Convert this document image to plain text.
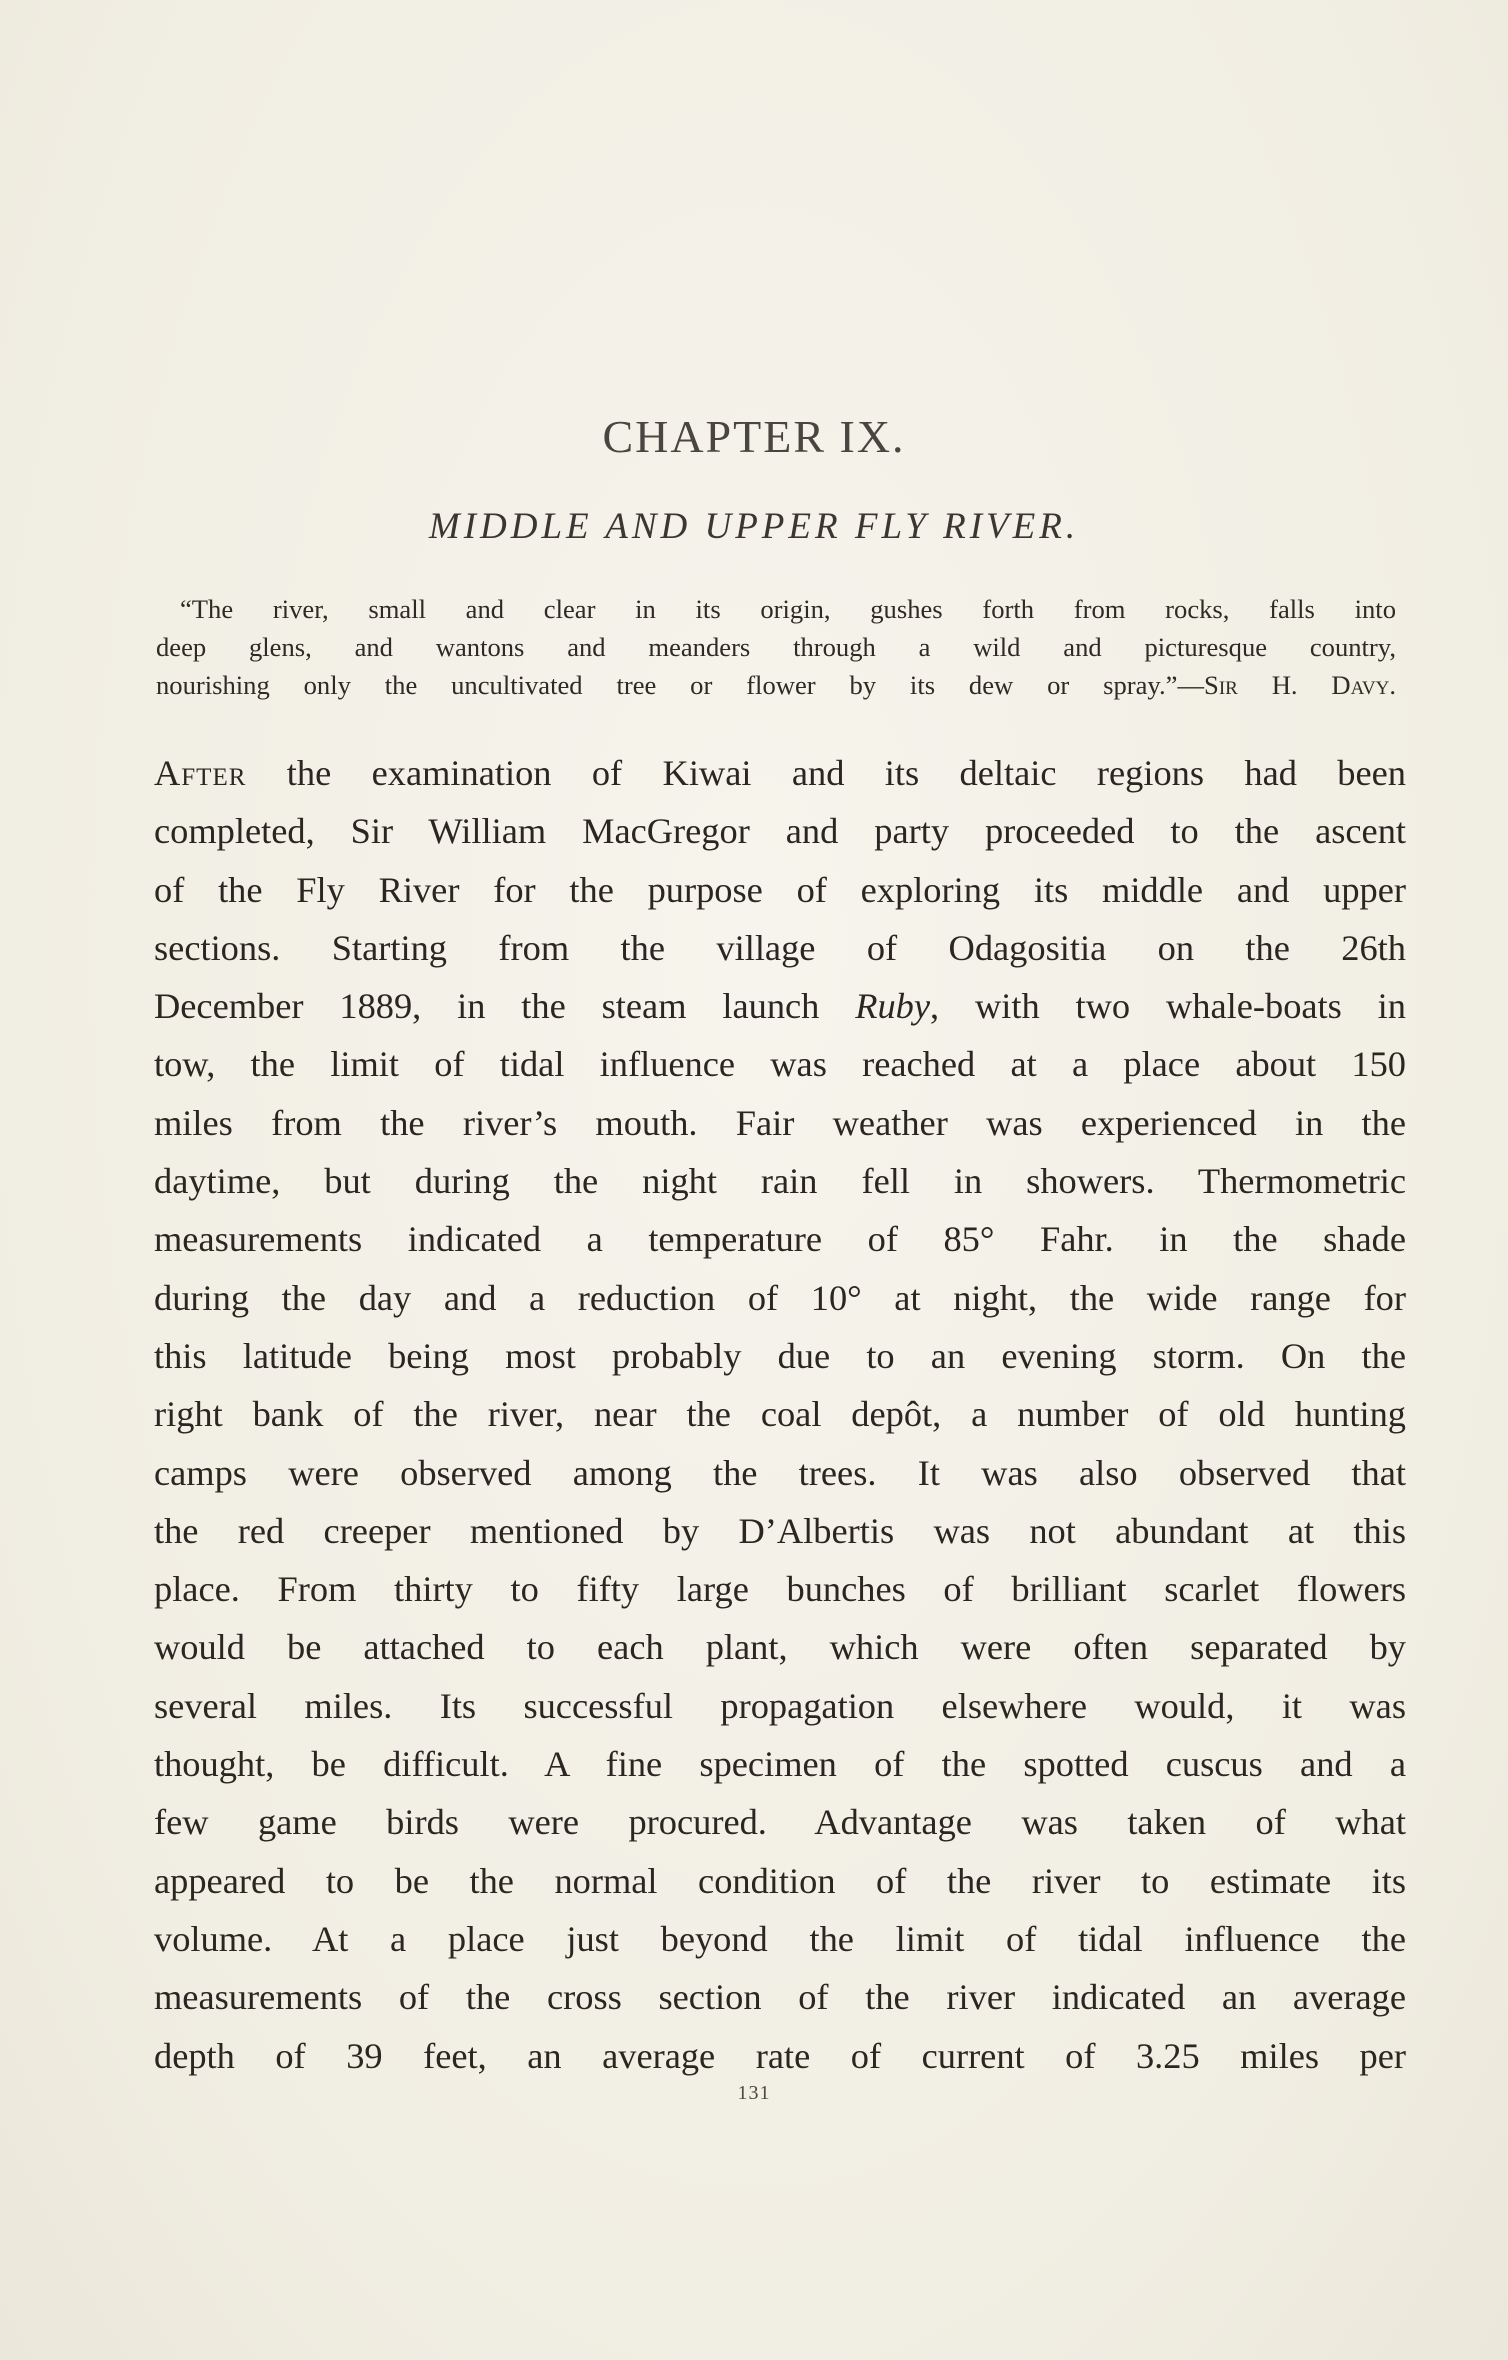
CHAPTER IX.
MIDDLE AND UPPER FLY RIVER.
“The river, small and clear in its origin, gushes forth from rocks, falls into
deep glens, and wantons and meanders through a wild and picturesque country,
nourishing only the uncultivated tree or flower by its dew or spray.”—Sir H. Davy.
After the examination of Kiwai and its deltaic regions had been
completed, Sir William MacGregor and party proceeded to the ascent
of the Fly River for the purpose of exploring its middle and upper
sections. Starting from the village of Odagositia on the 26th
December 1889, in the steam launch Ruby, with two whale-boats in
tow, the limit of tidal influence was reached at a place about 150
miles from the river’s mouth. Fair weather was experienced in the
daytime, but during the night rain fell in showers. Thermometric
measurements indicated a temperature of 85° Fahr. in the shade
during the day and a reduction of 10° at night, the wide range for
this latitude being most probably due to an evening storm. On the
right bank of the river, near the coal depôt, a number of old hunting
camps were observed among the trees. It was also observed that
the red creeper mentioned by D’Albertis was not abundant at this
place. From thirty to fifty large bunches of brilliant scarlet flowers
would be attached to each plant, which were often separated by
several miles. Its successful propagation elsewhere would, it was
thought, be difficult. A fine specimen of the spotted cuscus and a
few game birds were procured. Advantage was taken of what
appeared to be the normal condition of the river to estimate its
volume. At a place just beyond the limit of tidal influence the
measurements of the cross section of the river indicated an average
depth of 39 feet, an average rate of current of 3.25 miles per
131
